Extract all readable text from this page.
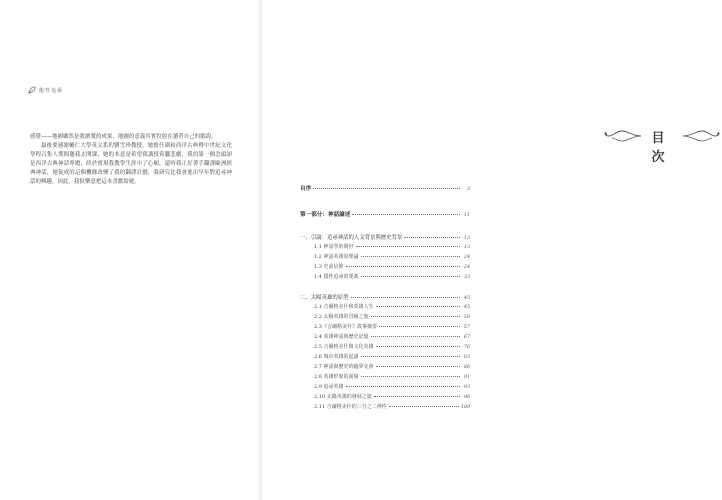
龍性追尋

感覺——地圖雖然是我繪製的成果，地圖的意義其實投射在讀者自己的腦海。

最後要感謝輔仁大學英文系的劉雪珍教授，她擔任副和西洋古典暨中世紀文化學程召集人期間邀我去開課，她的本意是希望我講授希臘悲劇，我的第一個念頭卻是西洋古典神話專題，終於實現我教學生涯中了心願，還時我正好著手翻譯歐洲經典神話，她促成的這個機緣改變了我的翻譯計劃，我研究比我會進出早年對追尋神話的興趣，因此，我很樂意把這本書獻給她。

目 次
自序	3
第一部分：神話論述	11
一、引論：追尋神話的人文背景與歷史背景	13
1.1 神話學的問世	13
1.2 神話英雄原理論	24
1.3 史前信仰	24
1.4 隱性追尋的要義	33
二、太陽英雄的原型	45
2.1 吉爾格美什和英雄人生	45
2.2 太陽英雄的冒險之旅	50
2.3《吉爾格美什》故事摘要	57
2.4 英雄神話與歷史記憶	67
2.5 吉爾格美什與文化英雄	76
2.6 城市英雄的起頭	83
2.7 神話與歷史的臨界交會	86
2.8 英雄形象的面貌	91
2.9 追尋英雄	93
2.10 太陽英雄的發展之旅	96
2.11 吉爾格美什的三分之二神性	100
